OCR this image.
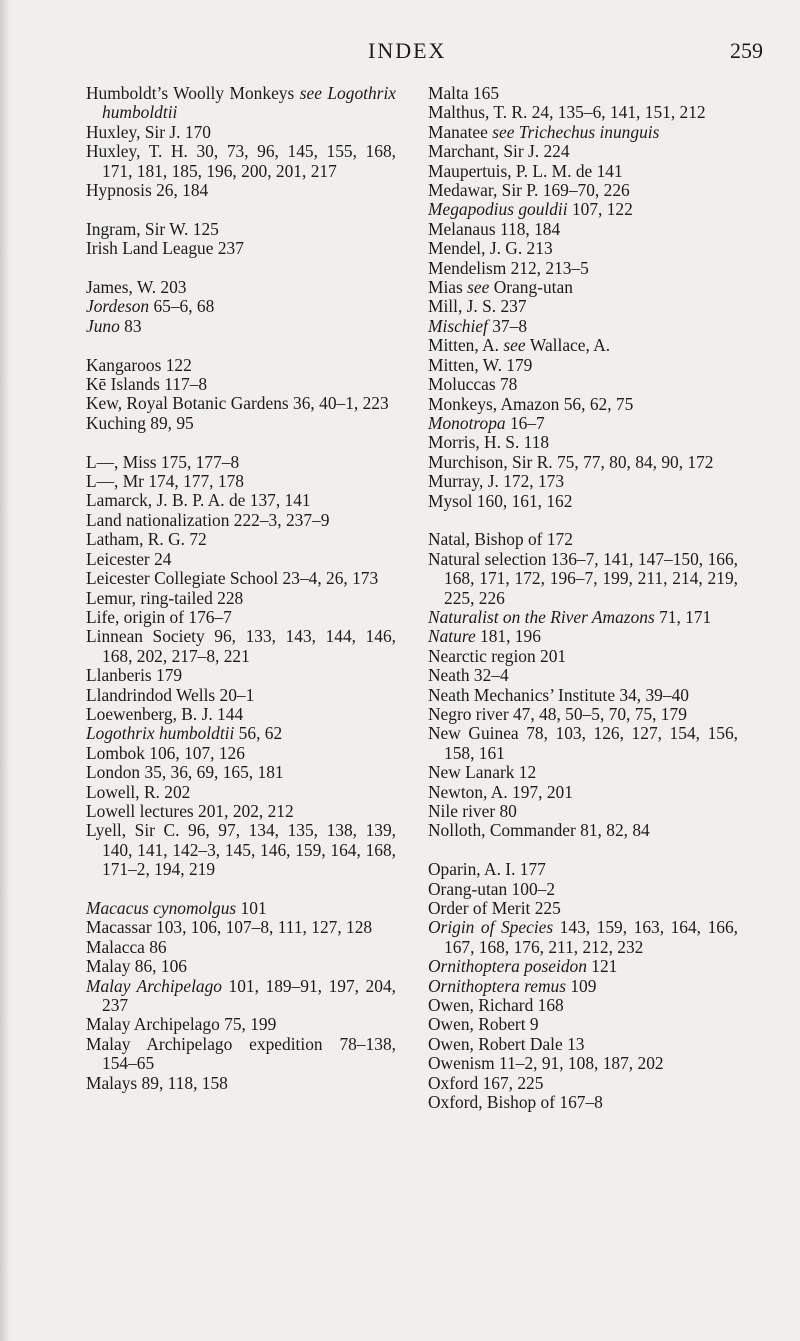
INDEX	259
Humboldt’s Woolly Monkeys see Logothrix humboldtii
Huxley, Sir J. 170
Huxley, T. H. 30, 73, 96, 145, 155, 168, 171, 181, 185, 196, 200, 201, 217
Hypnosis 26, 184
Ingram, Sir W. 125
Irish Land League 237
James, W. 203
Jordeson 65–6, 68
Juno 83
Kangaroos 122
Kē Islands 117–8
Kew, Royal Botanic Gardens 36, 40–1, 223
Kuching 89, 95
L—, Miss 175, 177–8
L—, Mr 174, 177, 178
Lamarck, J. B. P. A. de 137, 141
Land nationalization 222–3, 237–9
Latham, R. G. 72
Leicester 24
Leicester Collegiate School 23–4, 26, 173
Lemur, ring-tailed 228
Life, origin of 176–7
Linnean Society 96, 133, 143, 144, 146, 168, 202, 217–8, 221
Llanberis 179
Llandrindod Wells 20–1
Loewenberg, B. J. 144
Logothrix humboldtii 56, 62
Lombok 106, 107, 126
London 35, 36, 69, 165, 181
Lowell, R. 202
Lowell lectures 201, 202, 212
Lyell, Sir C. 96, 97, 134, 135, 138, 139, 140, 141, 142–3, 145, 146, 159, 164, 168, 171–2, 194, 219
Macacus cynomolgus 101
Macassar 103, 106, 107–8, 111, 127, 128
Malacca 86
Malay 86, 106
Malay Archipelago 101, 189–91, 197, 204, 237
Malay Archipelago 75, 199
Malay Archipelago expedition 78–138, 154–65
Malays 89, 118, 158
Malta 165
Malthus, T. R. 24, 135–6, 141, 151, 212
Manatee see Trichechus inunguis
Marchant, Sir J. 224
Maupertuis, P. L. M. de 141
Medawar, Sir P. 169–70, 226
Megapodius gouldii 107, 122
Melanaus 118, 184
Mendel, J. G. 213
Mendelism 212, 213–5
Mias see Orang-utan
Mill, J. S. 237
Mischief 37–8
Mitten, A. see Wallace, A.
Mitten, W. 179
Moluccas 78
Monkeys, Amazon 56, 62, 75
Monotropa 16–7
Morris, H. S. 118
Murchison, Sir R. 75, 77, 80, 84, 90, 172
Murray, J. 172, 173
Mysol 160, 161, 162
Natal, Bishop of 172
Natural selection 136–7, 141, 147–150, 166, 168, 171, 172, 196–7, 199, 211, 214, 219, 225, 226
Naturalist on the River Amazons 71, 171
Nature 181, 196
Nearctic region 201
Neath 32–4
Neath Mechanics’ Institute 34, 39–40
Negro river 47, 48, 50–5, 70, 75, 179
New Guinea 78, 103, 126, 127, 154, 156, 158, 161
New Lanark 12
Newton, A. 197, 201
Nile river 80
Nolloth, Commander 81, 82, 84
Oparin, A. I. 177
Orang-utan 100–2
Order of Merit 225
Origin of Species 143, 159, 163, 164, 166, 167, 168, 176, 211, 212, 232
Ornithoptera poseidon 121
Ornithoptera remus 109
Owen, Richard 168
Owen, Robert 9
Owen, Robert Dale 13
Owenism 11–2, 91, 108, 187, 202
Oxford 167, 225
Oxford, Bishop of 167–8
